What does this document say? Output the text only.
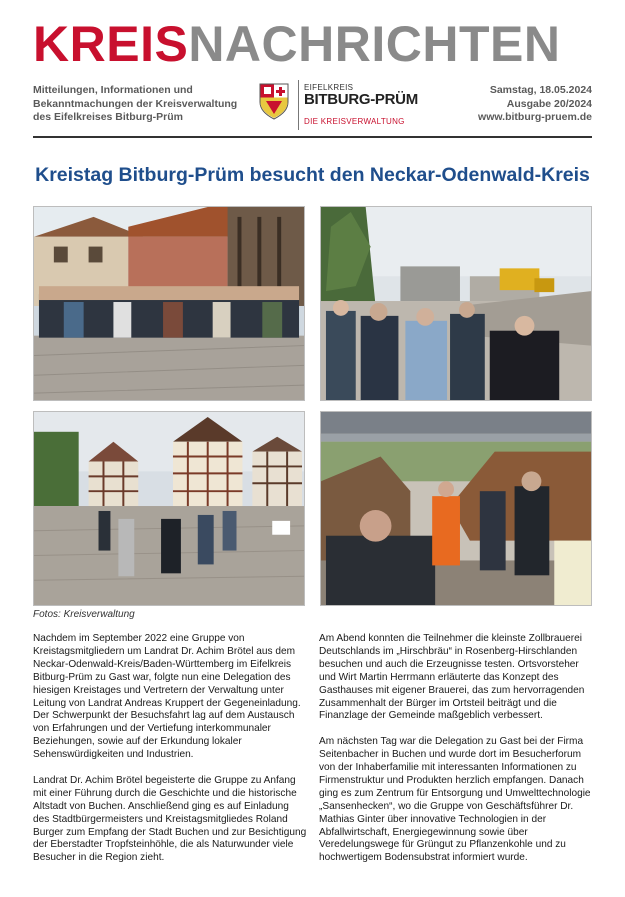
KREISNACHRICHTEN
Mitteilungen, Informationen und
Bekanntmachungen der Kreisverwaltung
des Eifelkreises Bitburg-Prüm
EIFELKREIS
BITBURG-PRÜM
DIE KREISVERWALTUNG
Samstag, 18.05.2024
Ausgabe 20/2024
www.bitburg-pruem.de
Kreistag Bitburg-Prüm besucht den Neckar-Odenwald-Kreis
Fotos: Kreisverwaltung

Nachdem im September 2022 eine Gruppe von Kreistagsmitgliedern um Landrat Dr. Achim Brötel aus dem Neckar-Odenwald-Kreis/Baden-Württemberg im Eifelkreis Bitburg-Prüm zu Gast war, folgte nun eine Delegation des hiesigen Kreistages und Vertretern der Verwaltung unter Leitung von Landrat Andreas Kruppert der Gegeneinladung.
Der Schwerpunkt der Besuchsfahrt lag auf dem Austausch von Erfahrungen und der Vertiefung interkommunaler Beziehungen, sowie auf der Erkundung lokaler Sehenswürdigkeiten und Industrien.

Landrat Dr. Achim Brötel begeisterte die Gruppe zu Anfang mit einer Führung durch die Geschichte und die historische Altstadt von Buchen. Anschließend ging es auf Einladung des Stadtbürgermeisters und Kreistagsmitgliedes Roland Burger zum Empfang der Stadt Buchen und zur Besichtigung der Eberstadter Tropfsteinhöhle, die als Naturwunder viele Besucher in die Region zieht.

Am Abend konnten die Teilnehmer die kleinste Zollbrauerei Deutschlands im „Hirschbräu“ in Rosenberg-Hirschlanden besuchen und auch die Erzeugnisse testen. Ortsvorsteher und Wirt Martin Herrmann erläuterte das Konzept des Gasthauses mit eigener Brauerei, das zum hervorragenden Zusammenhalt der Bürger im Ortsteil beiträgt und die Finanzlage der Gemeinde maßgeblich verbessert.

Am nächsten Tag war die Delegation zu Gast bei der Firma Seitenbacher in Buchen und wurde dort im Besucherforum von der Inhaberfamilie mit interessanten Informationen zu Firmenstruktur und Produkten herzlich empfangen. Danach ging es zum Zentrum für Entsorgung und Umwelttechnologie „Sansenhecken“, wo die Gruppe von Geschäftsführer Dr. Mathias Ginter über innovative Technologien in der Abfallwirtschaft, Energiegewinnung sowie über Veredelungswege für Grüngut zu Pflanzenkohle und zu hochwertigem Bodensubstrat informiert wurde.
